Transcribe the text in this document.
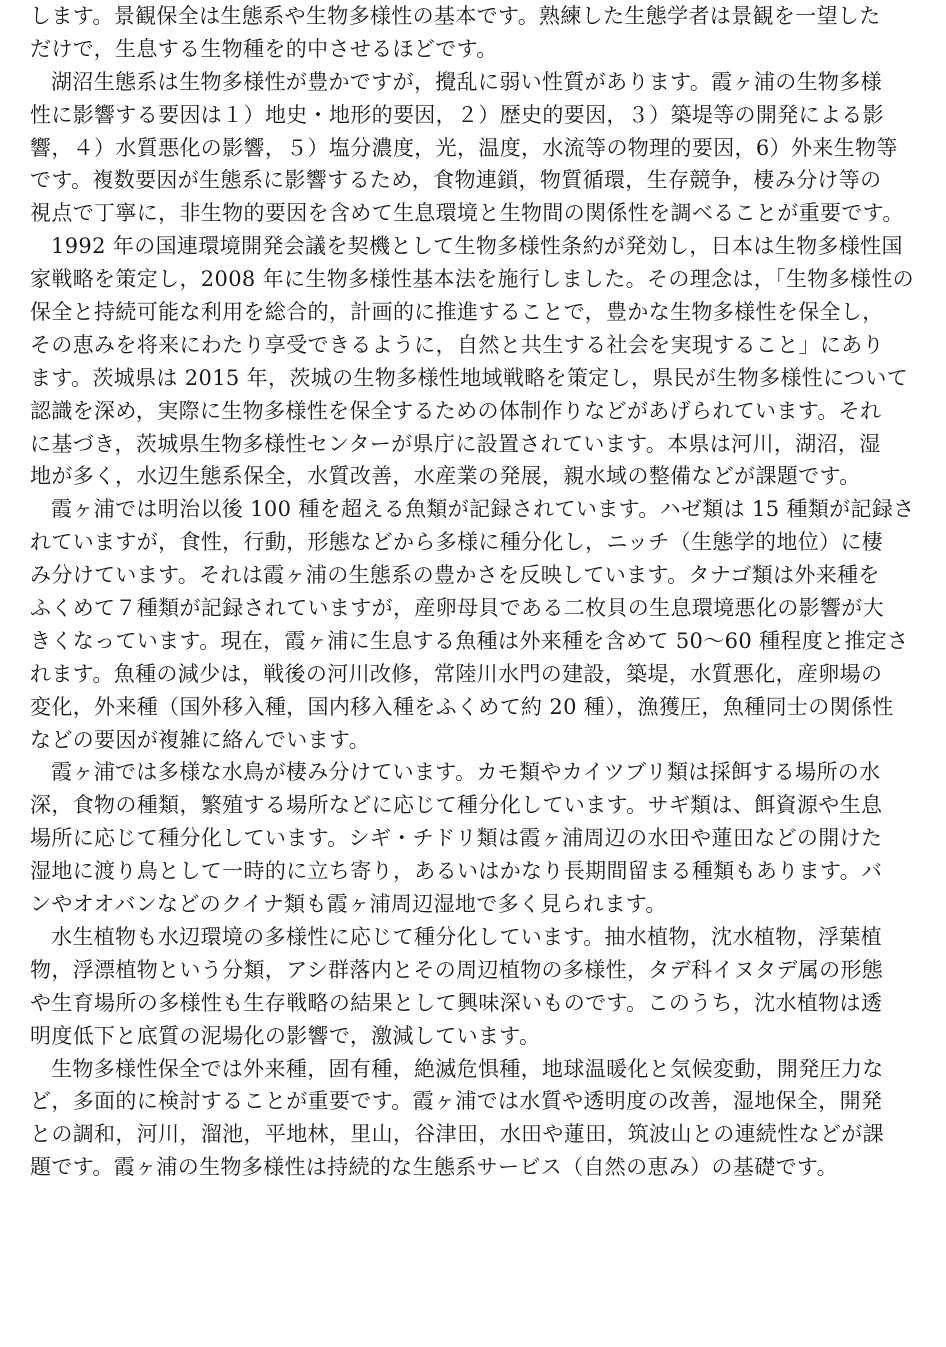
します。景観保全は生態系や生物多様性の基本です。熟練した生態学者は景観を一望した
だけで，生息する生物種を的中させるほどです。
湖沼生態系は生物多様性が豊かですが，攪乱に弱い性質があります。霞ヶ浦の生物多様
性に影響する要因は１）地史・地形的要因，２）歴史的要因，３）築堤等の開発による影
響，４）水質悪化の影響，５）塩分濃度，光，温度，水流等の物理的要因，6）外来生物等
です。複数要因が生態系に影響するため，食物連鎖，物質循環，生存競争，棲み分け等の
視点で丁寧に，非生物的要因を含めて生息環境と生物間の関係性を調べることが重要です。
1992 年の国連環境開発会議を契機として生物多様性条約が発効し，日本は生物多様性国
家戦略を策定し，2008 年に生物多様性基本法を施行しました。その理念は，「生物多様性の
保全と持続可能な利用を総合的，計画的に推進することで，豊かな生物多様性を保全し，
その恵みを将来にわたり享受できるように，自然と共生する社会を実現すること」にあり
ます。茨城県は 2015 年，茨城の生物多様性地域戦略を策定し，県民が生物多様性について
認識を深め，実際に生物多様性を保全するための体制作りなどがあげられています。それ
に基づき，茨城県生物多様性センターが県庁に設置されています。本県は河川，湖沼，湿
地が多く，水辺生態系保全，水質改善，水産業の発展，親水域の整備などが課題です。
霞ヶ浦では明治以後 100 種を超える魚類が記録されています。ハゼ類は 15 種類が記録さ
れていますが，食性，行動，形態などから多様に種分化し，ニッチ（生態学的地位）に棲
み分けています。それは霞ヶ浦の生態系の豊かさを反映しています。タナゴ類は外来種を
ふくめて７種類が記録されていますが，産卵母貝である二枚貝の生息環境悪化の影響が大
きくなっています。現在，霞ヶ浦に生息する魚種は外来種を含めて 50〜60 種程度と推定さ
れます。魚種の減少は，戦後の河川改修，常陸川水門の建設，築堤，水質悪化，産卵場の
変化，外来種（国外移入種，国内移入種をふくめて約 20 種），漁獲圧，魚種同士の関係性
などの要因が複雑に絡んでいます。
霞ヶ浦では多様な水鳥が棲み分けています。カモ類やカイツブリ類は採餌する場所の水
深，食物の種類，繁殖する場所などに応じて種分化しています。サギ類は、餌資源や生息
場所に応じて種分化しています。シギ・チドリ類は霞ヶ浦周辺の水田や蓮田などの開けた
湿地に渡り鳥として一時的に立ち寄り，あるいはかなり長期間留まる種類もあります。バ
ンやオオバンなどのクイナ類も霞ヶ浦周辺湿地で多く見られます。
水生植物も水辺環境の多様性に応じて種分化しています。抽水植物，沈水植物，浮葉植
物，浮漂植物という分類，アシ群落内とその周辺植物の多様性，タデ科イヌタデ属の形態
や生育場所の多様性も生存戦略の結果として興味深いものです。このうち，沈水植物は透
明度低下と底質の泥場化の影響で，激減しています。
生物多様性保全では外来種，固有種，絶滅危惧種，地球温暖化と気候変動，開発圧力な
ど，多面的に検討することが重要です。霞ヶ浦では水質や透明度の改善，湿地保全，開発
との調和，河川，溜池，平地林，里山，谷津田，水田や蓮田，筑波山との連続性などが課
題です。霞ヶ浦の生物多様性は持続的な生態系サービス（自然の恵み）の基礎です。
